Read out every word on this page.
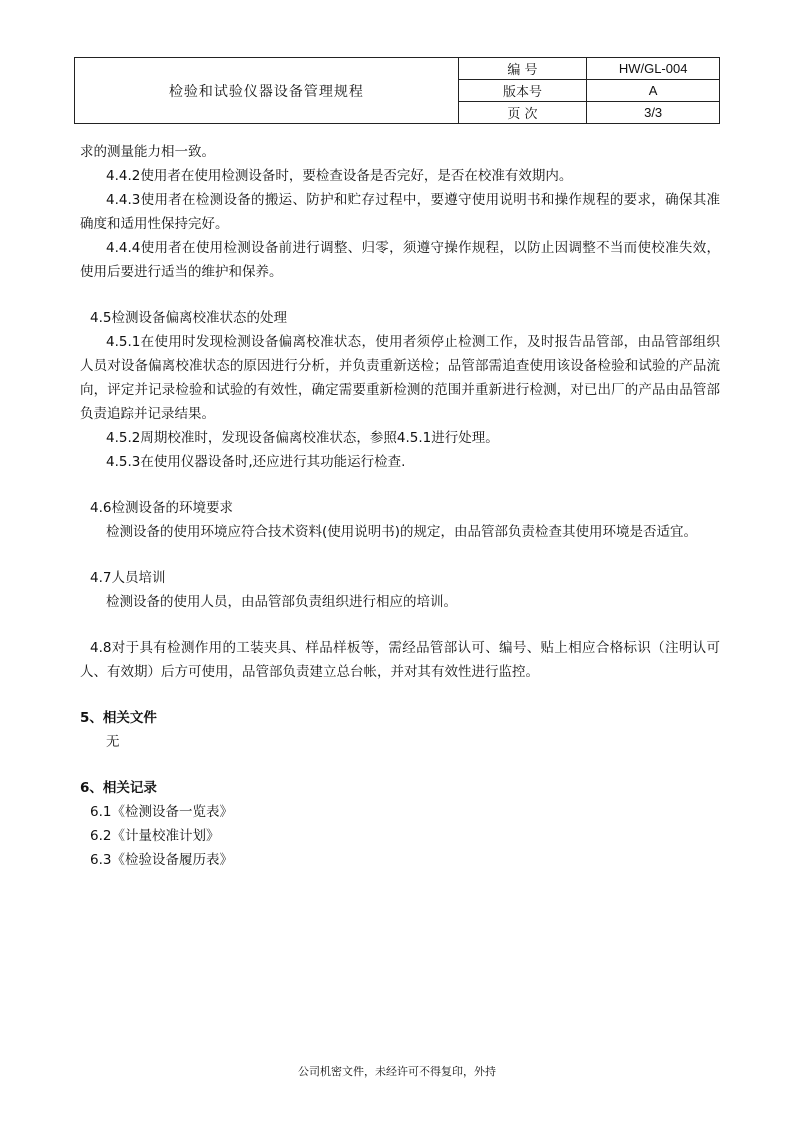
检验和试验仪器设备管理规程	编 号	HW/GL-004
	版本号	A
	页 次	3/3

求的测量能力相一致。

4.4.2使用者在使用检测设备时，要检查设备是否完好，是否在校准有效期内。

4.4.3使用者在检测设备的搬运、防护和贮存过程中，要遵守使用说明书和操作规程的要求，确保其准确度和适用性保持完好。

4.4.4使用者在使用检测设备前进行调整、归零，须遵守操作规程，以防止因调整不当而使校准失效，使用后要进行适当的维护和保养。

4.5检测设备偏离校准状态的处理

4.5.1在使用时发现检测设备偏离校准状态，使用者须停止检测工作，及时报告品管部，由品管部组织人员对设备偏离校准状态的原因进行分析，并负责重新送检；品管部需追查使用该设备检验和试验的产品流向，评定并记录检验和试验的有效性，确定需要重新检测的范围并重新进行检测，对已出厂的产品由品管部负责追踪并记录结果。

4.5.2周期校准时，发现设备偏离校准状态，参照4.5.1进行处理。

4.5.3在使用仪器设备时,还应进行其功能运行检查.

4.6检测设备的环境要求

检测设备的使用环境应符合技术资料(使用说明书)的规定，由品管部负责检查其使用环境是否适宜。

4.7人员培训

检测设备的使用人员，由品管部负责组织进行相应的培训。

4.8对于具有检测作用的工装夹具、样品样板等，需经品管部认可、编号、贴上相应合格标识（注明认可人、有效期）后方可使用，品管部负责建立总台帐，并对其有效性进行监控。

5、相关文件

无

6、相关记录

6.1《检测设备一览表》

6.2《计量校准计划》

6.3《检验设备履历表》

公司机密文件，未经许可不得复印，外持
